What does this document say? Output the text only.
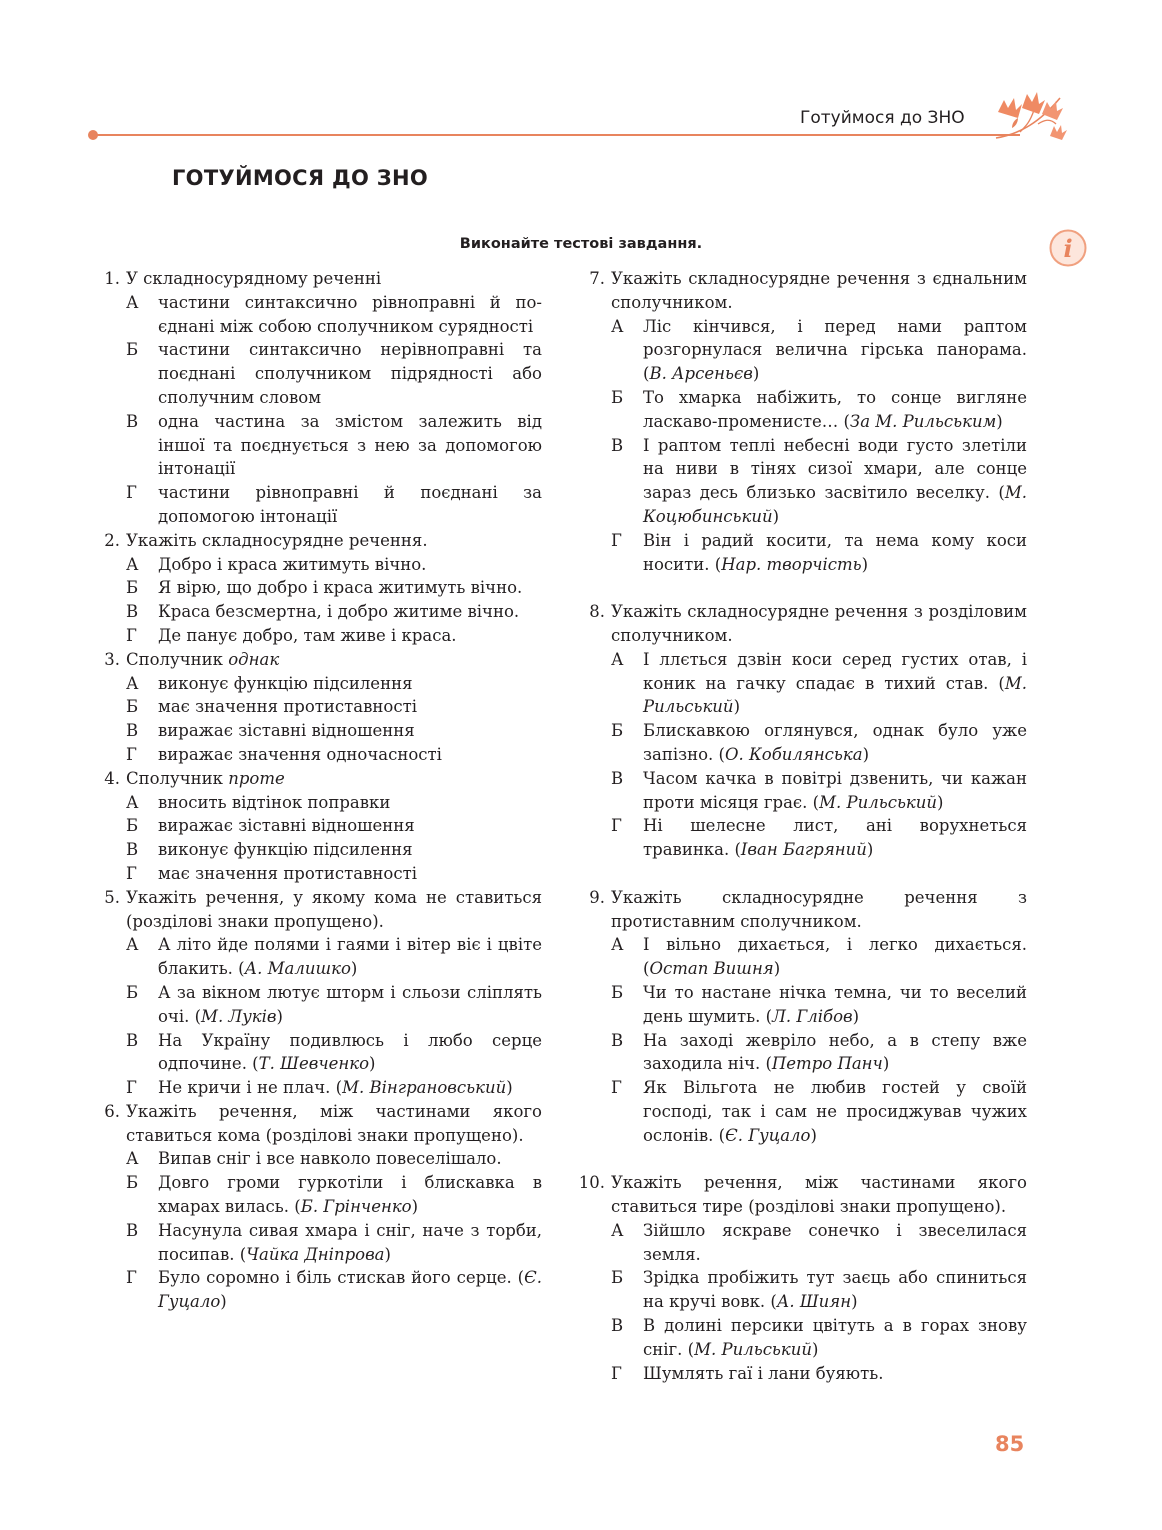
Готуймося до ЗНО
i
ГОТУЙМОСЯ ДО ЗНО
Виконайте тестові завдання.
1. У складносурядному реченні
А частини синтаксично рівноправні й по-єднані між собою сполучником сурядності
Б частини синтаксично нерівноправні та поєднані сполучником підрядності або сполучним словом
В одна частина за змістом залежить від іншої та поєднується з нею за допомогою інтонації
Г частини рівноправні й поєднані за допомогою інтонації
2. Укажіть складносурядне речення.
А Добро і краса житимуть вічно.
Б Я вірю, що добро і краса житимуть вічно.
В Краса безсмертна, і добро житиме вічно.
Г Де панує добро, там живе і краса.
3. Сполучник однак
А виконує функцію підсилення
Б має значення протиставності
В виражає зіставні відношення
Г виражає значення одночасності
4. Сполучник проте
А вносить відтінок поправки
Б виражає зіставні відношення
В виконує функцію підсилення
Г має значення протиставності
5. Укажіть речення, у якому кома не ставиться (розділові знаки пропущено).
А А літо йде полями і гаями і вітер віє і цвіте блакить. (А. Малишко)
Б А за вікном лютує шторм і сльози сліплять очі. (М. Луків)
В На Україну подивлюсь і любо серце одпочине. (Т. Шевченко)
Г Не кричи і не плач. (М. Вінграновський)
6. Укажіть речення, між частинами якого ставиться кома (розділові знаки пропущено).
А Випав сніг і все навколо повеселішало.
Б Довго громи гуркотіли і блискавка в хмарах вилась. (Б. Грінченко)
В Насунула сивая хмара і сніг, наче з торби, посипав. (Чайка Дніпрова)
Г Було соромно і біль стискав його серце. (Є. Гуцало)
7. Укажіть складносурядне речення з єднальним сполучником.
А Ліс кінчився, і перед нами раптом розгорнулася велична гірська панорама. (В. Арсеньєв)
Б То хмарка набіжить, то сонце вигляне ласкаво-променисте… (За М. Рильським)
В І раптом теплі небесні води густо злетіли на ниви в тінях сизої хмари, але сонце зараз десь близько засвітило веселку. (М. Коцюбинський)
Г Він і радий косити, та нема кому коси носити. (Нар. творчість)
8. Укажіть складносурядне речення з розділовим сполучником.
А І ллється дзвін коси серед густих отав, і коник на гачку спадає в тихий став. (М. Рильський)
Б Блискавкою оглянувся, однак було уже запізно. (О. Кобилянська)
В Часом качка в повітрі дзвенить, чи кажан проти місяця грає. (М. Рильський)
Г Ні шелесне лист, ані ворухнеться травинка. (Іван Багряний)
9. Укажіть складносурядне речення з протиставним сполучником.
А І вільно дихається, і легко дихається. (Остап Вишня)
Б Чи то настане нічка темна, чи то веселий день шумить. (Л. Глібов)
В На заході жевріло небо, а в степу вже заходила ніч. (Петро Панч)
Г Як Вільгота не любив гостей у своїй господі, так і сам не просиджував чужих ослонів. (Є. Гуцало)
10. Укажіть речення, між частинами якого ставиться тире (розділові знаки пропущено).
А Зійшло яскраве сонечко і звеселилася земля.
Б Зрідка пробіжить тут заєць або спиниться на кручі вовк. (А. Шиян)
В В долині персики цвітуть а в горах знову сніг. (М. Рильський)
Г Шумлять гаї і лани буяють.
85
